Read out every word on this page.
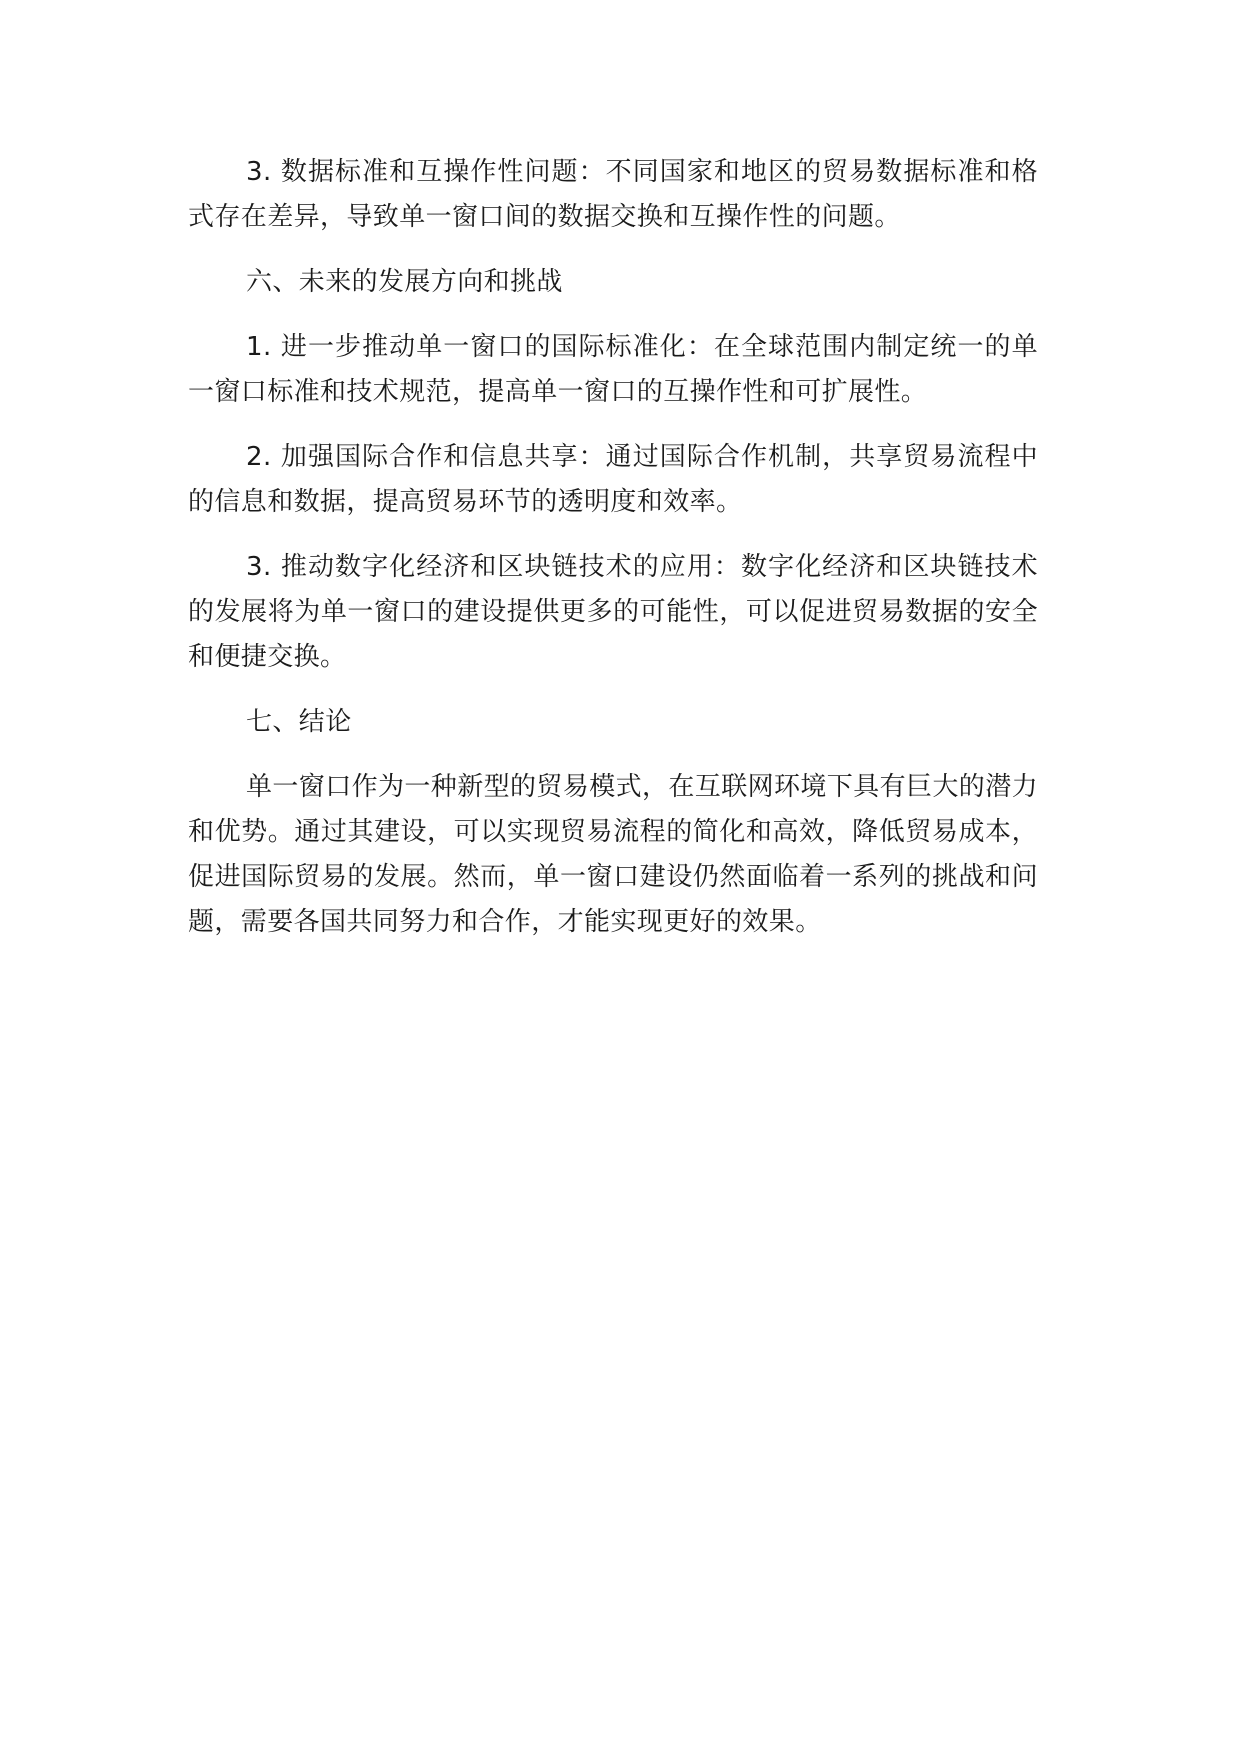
3. 数据标准和互操作性问题：不同国家和地区的贸易数据标准和格式存在差异，导致单一窗口间的数据交换和互操作性的问题。

六、未来的发展方向和挑战

1. 进一步推动单一窗口的国际标准化：在全球范围内制定统一的单一窗口标准和技术规范，提高单一窗口的互操作性和可扩展性。

2. 加强国际合作和信息共享：通过国际合作机制，共享贸易流程中的信息和数据，提高贸易环节的透明度和效率。

3. 推动数字化经济和区块链技术的应用：数字化经济和区块链技术的发展将为单一窗口的建设提供更多的可能性，可以促进贸易数据的安全和便捷交换。

七、结论

单一窗口作为一种新型的贸易模式，在互联网环境下具有巨大的潜力和优势。通过其建设，可以实现贸易流程的简化和高效，降低贸易成本，促进国际贸易的发展。然而，单一窗口建设仍然面临着一系列的挑战和问题，需要各国共同努力和合作，才能实现更好的效果。
